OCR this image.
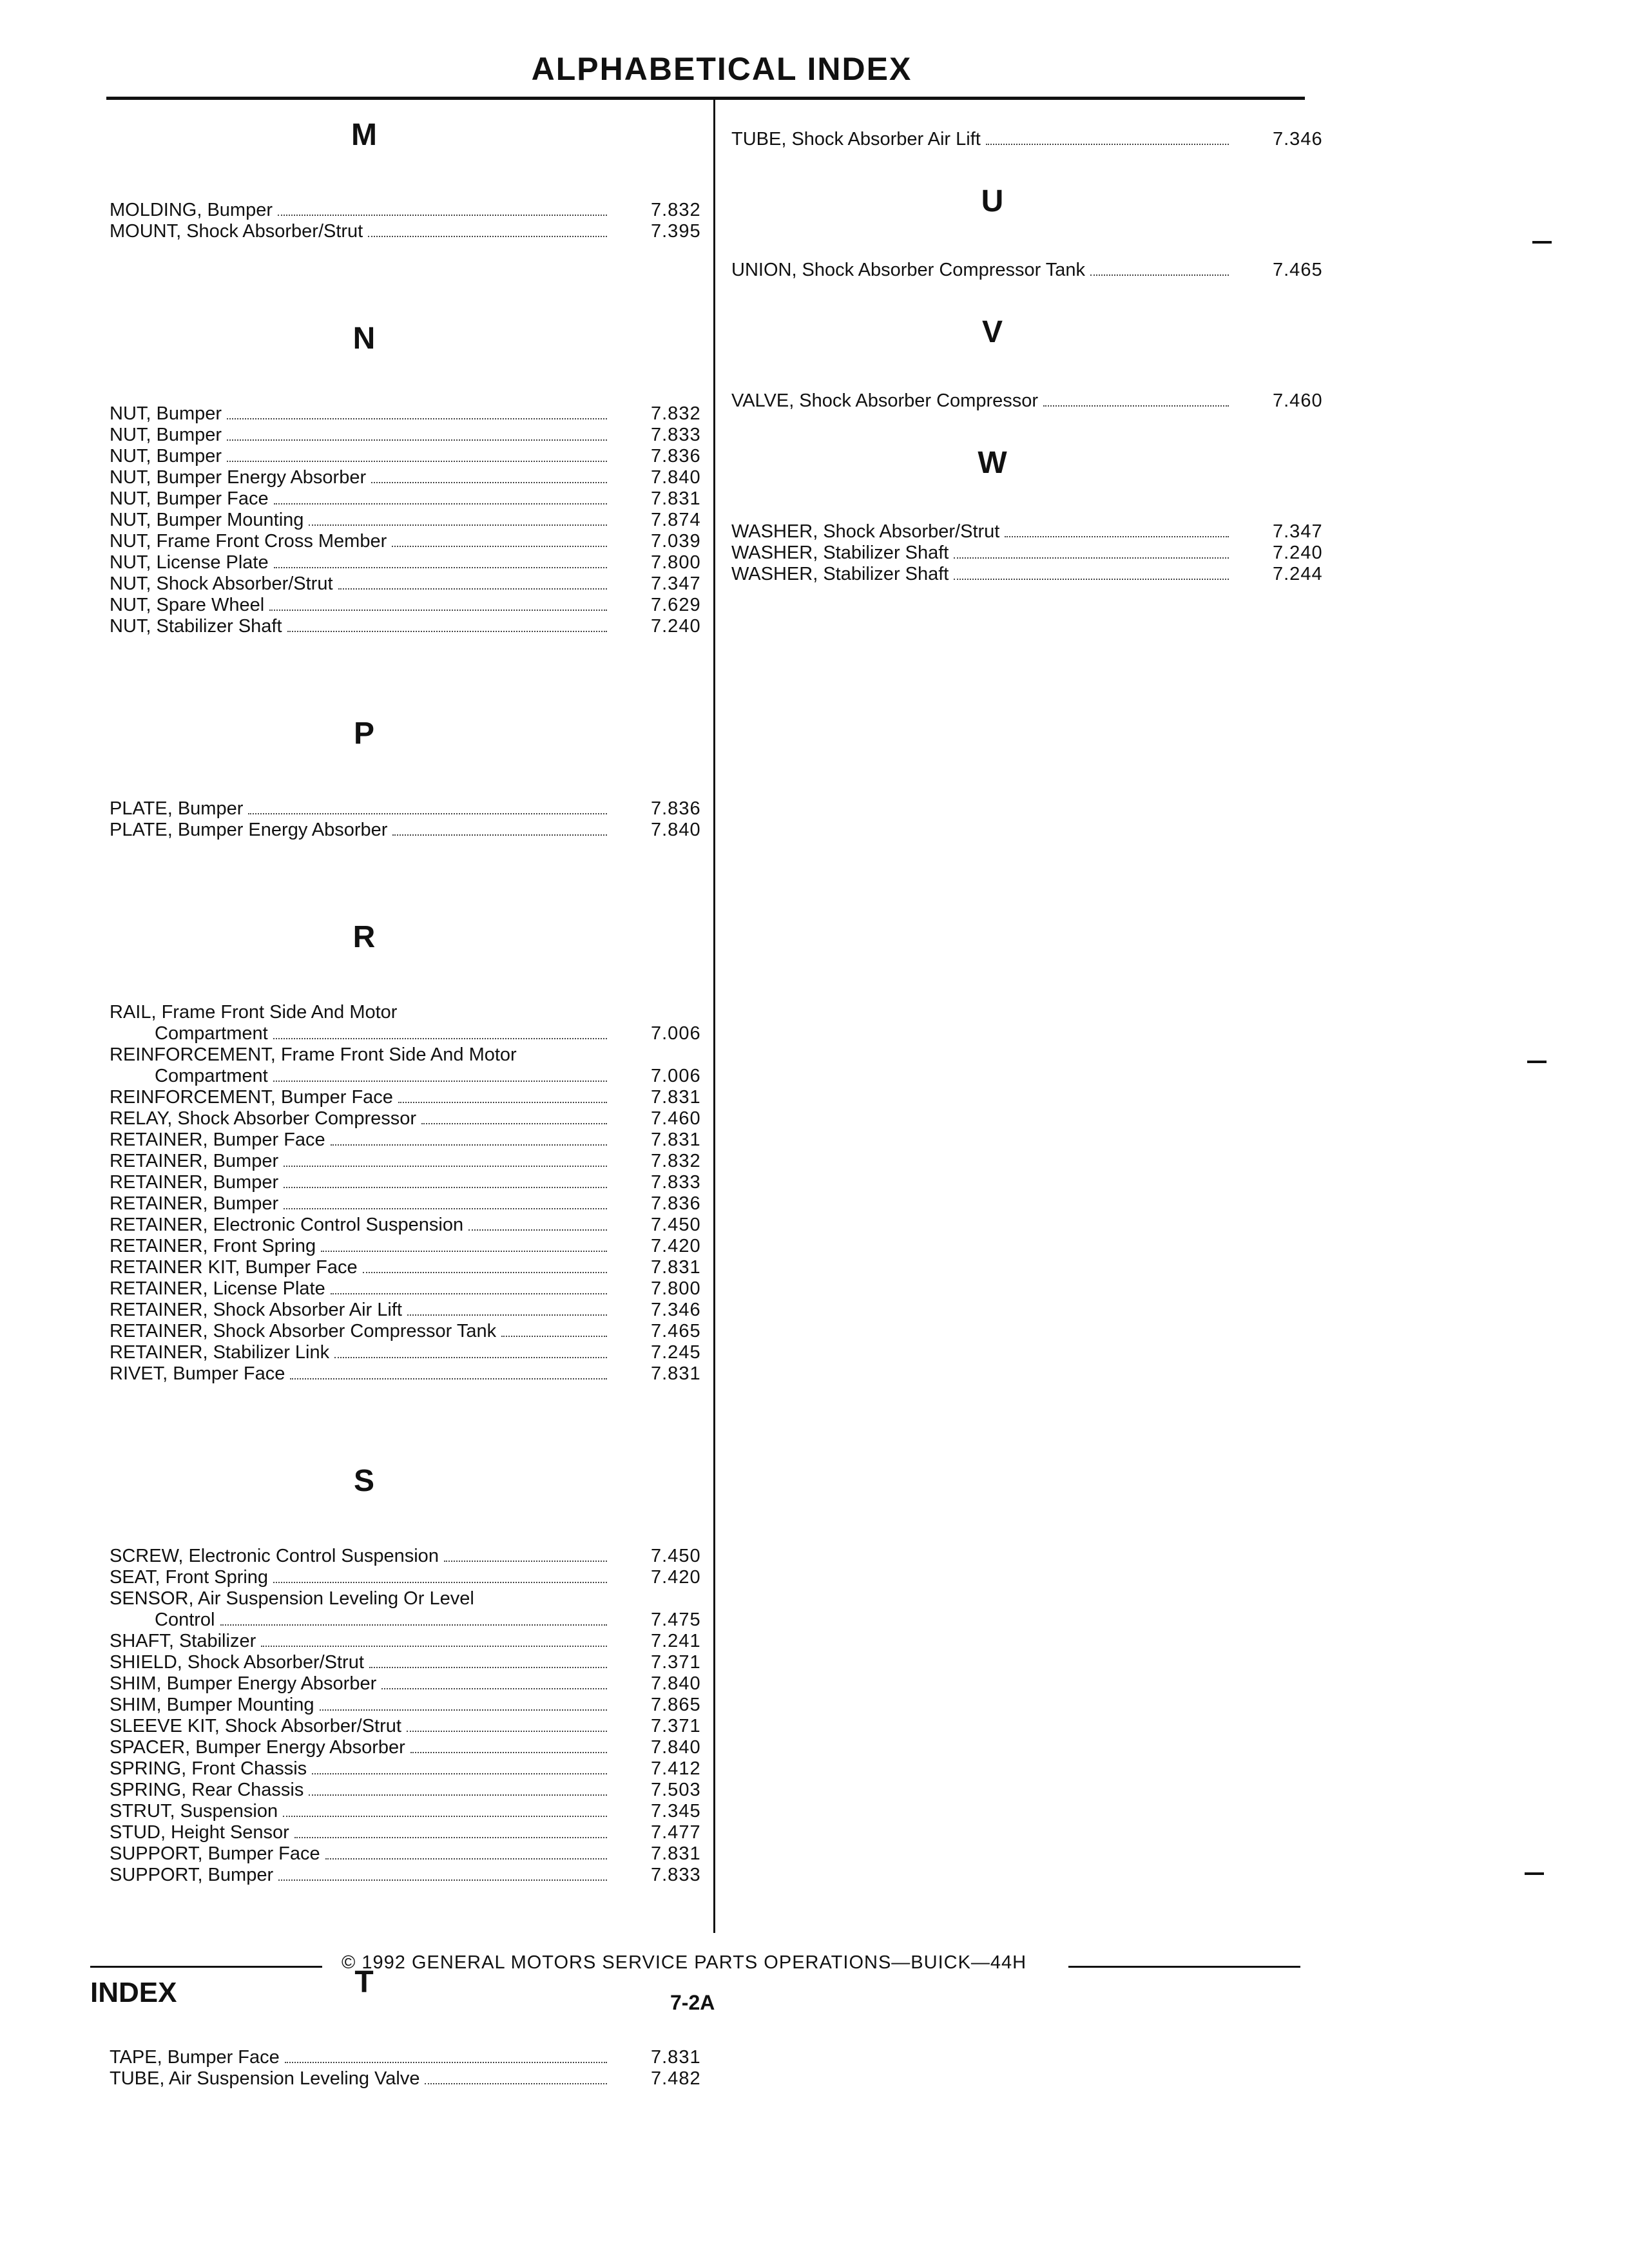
ALPHABETICAL INDEX
M
MOLDING, Bumper	7.832
MOUNT, Shock Absorber/Strut	7.395
N
NUT, Bumper	7.832
NUT, Bumper	7.833
NUT, Bumper	7.836
NUT, Bumper Energy Absorber	7.840
NUT, Bumper Face	7.831
NUT, Bumper Mounting	7.874
NUT, Frame Front Cross Member	7.039
NUT, License Plate	7.800
NUT, Shock Absorber/Strut	7.347
NUT, Spare Wheel	7.629
NUT, Stabilizer Shaft	7.240
P
PLATE, Bumper	7.836
PLATE, Bumper Energy Absorber	7.840
R
RAIL, Frame Front Side And Motor
Compartment	7.006
REINFORCEMENT, Frame Front Side And Motor
Compartment	7.006
REINFORCEMENT, Bumper Face	7.831
RELAY, Shock Absorber Compressor	7.460
RETAINER, Bumper Face	7.831
RETAINER, Bumper	7.832
RETAINER, Bumper	7.833
RETAINER, Bumper	7.836
RETAINER, Electronic Control Suspension	7.450
RETAINER, Front Spring	7.420
RETAINER KIT, Bumper Face	7.831
RETAINER, License Plate	7.800
RETAINER, Shock Absorber Air Lift	7.346
RETAINER, Shock Absorber Compressor Tank	7.465
RETAINER, Stabilizer Link	7.245
RIVET, Bumper Face	7.831
S
SCREW, Electronic Control Suspension	7.450
SEAT, Front Spring	7.420
SENSOR, Air Suspension Leveling Or Level
Control	7.475
SHAFT, Stabilizer	7.241
SHIELD, Shock Absorber/Strut	7.371
SHIM, Bumper Energy Absorber	7.840
SHIM, Bumper Mounting	7.865
SLEEVE KIT, Shock Absorber/Strut	7.371
SPACER, Bumper Energy Absorber	7.840
SPRING, Front Chassis	7.412
SPRING, Rear Chassis	7.503
STRUT, Suspension	7.345
STUD, Height Sensor	7.477
SUPPORT, Bumper Face	7.831
SUPPORT, Bumper	7.833
T
TAPE, Bumper Face	7.831
TUBE, Air Suspension Leveling Valve	7.482
TUBE, Shock Absorber Air Lift	7.346
U
UNION, Shock Absorber Compressor Tank	7.465
V
VALVE, Shock Absorber Compressor	7.460
W
WASHER, Shock Absorber/Strut	7.347
WASHER, Stabilizer Shaft	7.240
WASHER, Stabilizer Shaft	7.244
© 1992 GENERAL MOTORS SERVICE PARTS OPERATIONS—BUICK—44H
INDEX	7-2A
